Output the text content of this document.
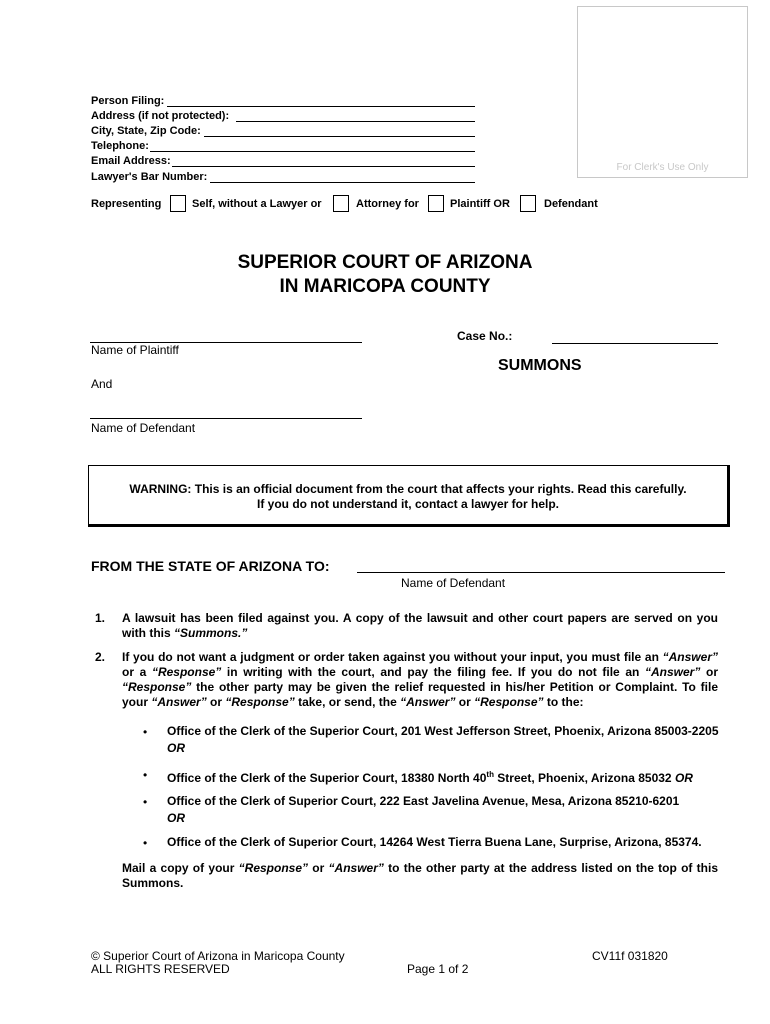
For Clerk's Use Only
Person Filing:
Address (if not protected):
City, State, Zip Code:
Telephone:
Email Address:
Lawyer's Bar Number:
Representing	Self, without a Lawyer or	Attorney for	Plaintiff OR	Defendant
SUPERIOR COURT OF ARIZONA
IN MARICOPA COUNTY
Name of Plaintiff
And
Name of Defendant
Case No.:
SUMMONS
WARNING: This is an official document from the court that affects your rights. Read this carefully.
If you do not understand it, contact a lawyer for help.
FROM THE STATE OF ARIZONA TO:
Name of Defendant
1. A lawsuit has been filed against you. A copy of the lawsuit and other court papers are served on you with this “Summons.”
2. If you do not want a judgment or order taken against you without your input, you must file an “Answer” or a “Response” in writing with the court, and pay the filing fee. If you do not file an “Answer” or “Response” the other party may be given the relief requested in his/her Petition or Complaint. To file your “Answer” or “Response” take, or send, the “Answer” or “Response” to the:
• Office of the Clerk of the Superior Court, 201 West Jefferson Street, Phoenix, Arizona 85003-2205 OR
• Office of the Clerk of the Superior Court, 18380 North 40th Street, Phoenix, Arizona 85032 OR
• Office of the Clerk of Superior Court, 222 East Javelina Avenue, Mesa, Arizona 85210-6201
OR
• Office of the Clerk of Superior Court, 14264 West Tierra Buena Lane, Surprise, Arizona, 85374.
Mail a copy of your “Response” or “Answer” to the other party at the address listed on the top of this Summons.
© Superior Court of Arizona in Maricopa County
ALL RIGHTS RESERVED
CV11f 031820
Page 1 of 2
